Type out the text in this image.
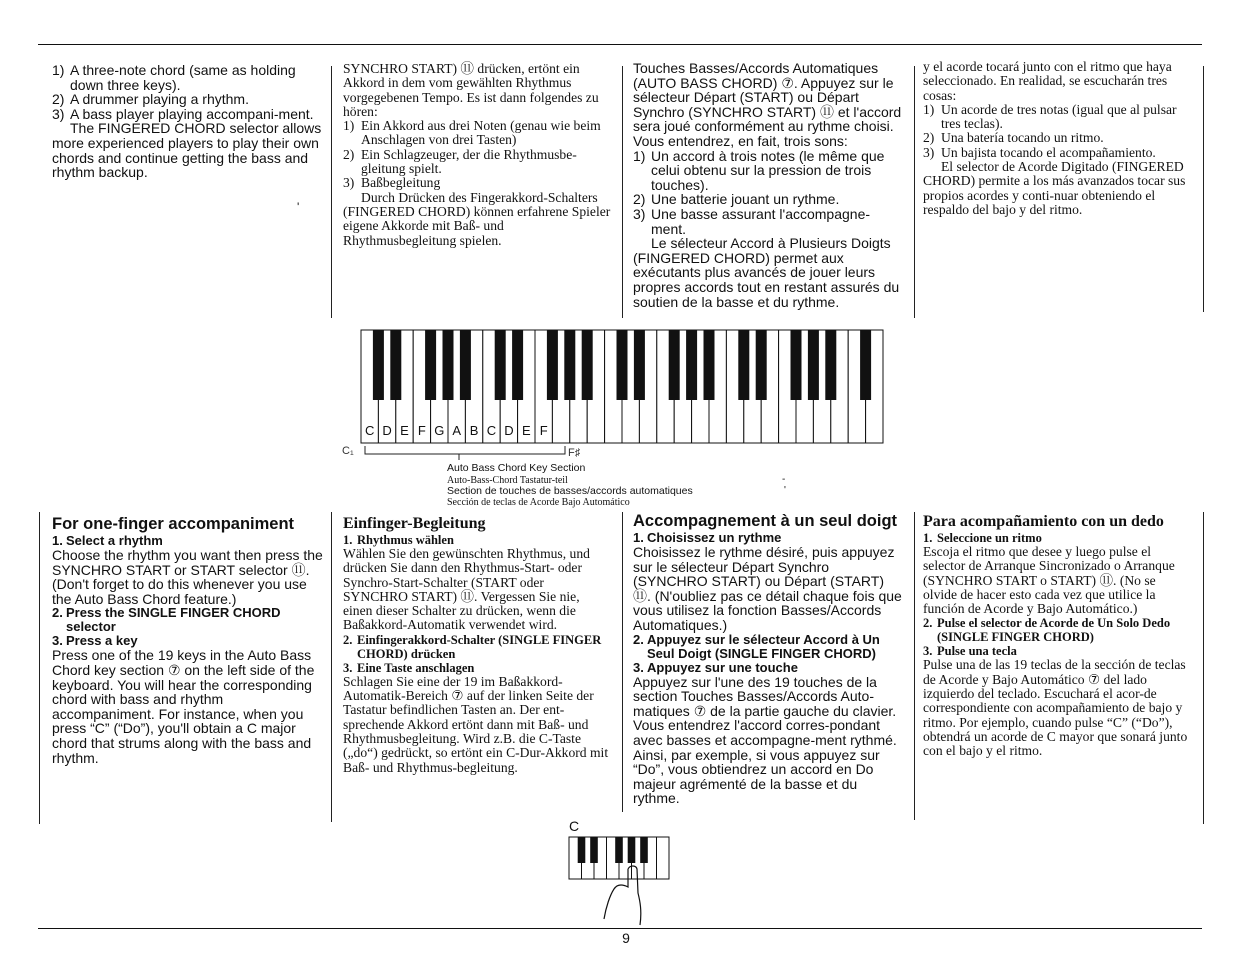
1) A three-note chord (same as holding down three keys).
2) A drummer playing a rhythm.
3) A bass player playing accompani-ment.
The FINGERED CHORD selector allows more experienced players to play their own chords and continue getting the bass and rhythm backup.
'
SYNCHRO START) ⑪ drücken, ertönt ein Akkord in dem vom gewählten Rhythmus vorgegebenen Tempo. Es ist dann folgendes zu hören:
1) Ein Akkord aus drei Noten (genau wie beim Anschlagen von drei Tasten)
2) Ein Schlagzeuger, der die Rhythmusbe-gleitung spielt.
3) Baßbegleitung
Durch Drücken des Fingerakkord-Schalters (FINGERED CHORD) können erfahrene Spieler eigene Akkorde mit Baß- und Rhythmusbegleitung spielen.
Touches Basses/Accords Automatiques (AUTO BASS CHORD) ⑦. Appuyez sur le sélecteur Départ (START) ou Départ Synchro (SYNCHRO START) ⑪ et l'accord sera joué conformément au rythme choisi. Vous entendrez, en fait, trois sons:
1) Un accord à trois notes (le même que celui obtenu sur la pression de trois touches).
2) Une batterie jouant un rythme.
3) Une basse assurant l'accompagne-ment.
Le sélecteur Accord à Plusieurs Doigts (FINGERED CHORD) permet aux exécutants plus avancés de jouer leurs propres accords tout en restant assurés du soutien de la basse et du rythme.
y el acorde tocará junto con el ritmo que haya seleccionado. En realidad, se escucharán tres cosas:
1) Un acorde de tres notas (igual que al pulsar tres teclas).
2) Una batería tocando un ritmo.
3) Un bajista tocando el acompañamiento.
El selector de Acorde Digitado (FINGERED CHORD) permite a los más avanzados tocar sus propios acordes y conti-nuar obteniendo el respaldo del bajo y del ritmo.
C D E F G A B C D E F
C₁	F♯
Auto Bass Chord Key Section
Auto-Bass-Chord Tastatur-teil
Section de touches de basses/accords automatiques
Sección de teclas de Acorde Bajo Automático
-
'
For one-finger accompaniment
1. Select a rhythm
Choose the rhythm you want then press the SYNCHRO START or START selector ⑪. (Don't forget to do this whenever you use the Auto Bass Chord feature.)
2. Press the SINGLE FINGER CHORD selector
3. Press a key
Press one of the 19 keys in the Auto Bass Chord key section ⑦ on the left side of the keyboard. You will hear the corresponding chord with bass and rhythm accompaniment. For instance, when you press “C” (“Do”), you'll obtain a C major chord that strums along with the bass and rhythm.
Einfinger-Begleitung
1. Rhythmus wählen
Wählen Sie den gewünschten Rhythmus, und drücken Sie dann den Rhythmus-Start- oder Synchro-Start-Schalter (START oder SYNCHRO START) ⑪. Vergessen Sie nie, einen dieser Schalter zu drücken, wenn die Baßakkord-Automatik verwendet wird.
2. Einfingerakkord-Schalter (SINGLE FINGER CHORD) drücken
3. Eine Taste anschlagen
Schlagen Sie eine der 19 im Baßakkord-Automatik-Bereich ⑦ auf der linken Seite der Tastatur befindlichen Tasten an. Der ent-sprechende Akkord ertönt dann mit Baß- und Rhythmusbegleitung. Wird z.B. die C-Taste („do“) gedrückt, so ertönt ein C-Dur-Akkord mit Baß- und Rhythmus-begleitung.
Accompagnement à un seul doigt
1. Choisissez un rythme
Choisissez le rythme désiré, puis appuyez sur le sélecteur Départ Synchro (SYNCHRO START) ou Départ (START) ⑪. (N'oubliez pas ce détail chaque fois que vous utilisez la fonction Basses/Accords Automatiques.)
2. Appuyez sur le sélecteur Accord à Un Seul Doigt (SINGLE FINGER CHORD)
3. Appuyez sur une touche
Appuyez sur l'une des 19 touches de la section Touches Basses/Accords Auto-matiques ⑦ de la partie gauche du clavier. Vous entendrez l'accord corres-pondant avec basses et accompagne-ment rythmé. Ainsi, par exemple, si vous appuyez sur “Do”, vous obtiendrez un accord en Do majeur agrémenté de la basse et du rythme.
Para acompañamiento con un dedo
1. Seleccione un ritmo
Escoja el ritmo que desee y luego pulse el selector de Arranque Sincronizado o Arranque (SYNCHRO START o START) ⑪. (No se olvide de hacer esto cada vez que utilice la función de Acorde y Bajo Automático.)
2. Pulse el selector de Acorde de Un Solo Dedo (SINGLE FINGER CHORD)
3. Pulse una tecla
Pulse una de las 19 teclas de la sección de teclas de Acorde y Bajo Automático ⑦ del lado izquierdo del teclado. Escuchará el acor-de correspondiente con acompañamiento de bajo y ritmo. Por ejemplo, cuando pulse “C” (“Do”), obtendrá un acorde de C mayor que sonará junto con el bajo y el ritmo.
C
9
